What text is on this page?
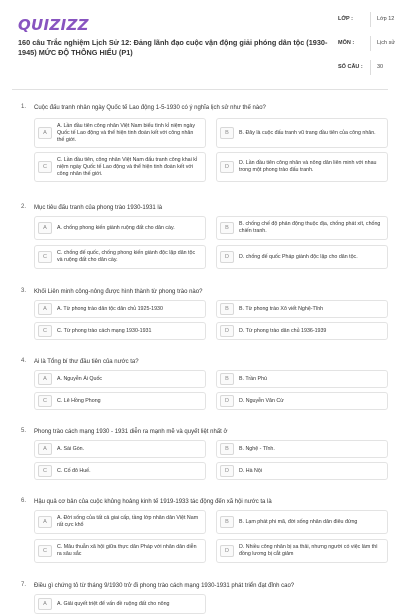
QUIZIZZ
160 câu Trắc nghiệm Lịch Sử 12: Đảng lãnh đạo cuộc vận động giải phóng dân tộc (1930-1945) MỨC ĐỘ THÔNG HIỂU (P1)
LỚP :	Lớp 12
MÔN :	Lịch sử
SỐ CÂU :	30
1. Cuộc đấu tranh nhân ngày Quốc tế Lao động 1-5-1930 có ý nghĩa lịch sử như thế nào?
A
A. Lần đầu tiên công nhân Việt Nam biểu tình kỉ niệm ngày Quốc tế Lao động và thể hiện tinh đoàn kết với công nhân thế giới.
B	B. Đây là cuộc đấu tranh vũ trang đầu tiên của công nhân.
C
C. Lần đầu tiên, công nhân Việt Nam đấu tranh công khai kỉ niệm ngày Quốc tế Lao động và thể hiện tinh đoàn kết với công nhân thế giới.
D
D. Lần đầu tiên công nhân và nông dân liên minh với nhau trong một phong trào đấu tranh.
2. Mục tiêu đấu tranh của phong trào 1930-1931 là
A	A. chống phong kiến giành ruộng đất cho dân cày.	B
B. chống chế độ phản động thuộc địa, chống phát xít, chống chiến tranh.
C
C. chống đế quốc, chống phong kiến giành độc lập dân tộc và ruộng đất cho dân cày.	D	D. chống đế quốc Pháp giành độc lập cho dân tộc.
3. Khối Liên minh công-nông được hình thành từ phong trào nào?
A	A. Từ phong trào dân tộc dân chủ 1925-1930	B	B. Từ phong trào Xô viết Nghệ-Tĩnh
C	C. Từ phong trào cách mạng 1930-1931	D	D. Từ phong trào dân chủ 1936-1939
4. Ai là Tổng bí thư đầu tiên của nước ta?
A	A. Nguyễn Ái Quốc	B	B. Trần Phú
C	C. Lê Hồng Phong	D	D. Nguyễn Văn Cừ
5. Phong trào cách mạng 1930 - 1931 diễn ra mạnh mẽ và quyết liệt nhất ở
A	A. Sài Gòn.	B	B. Nghệ - Tĩnh.
C	C. Cố đô Huế.	D	D. Hà Nội
6. Hậu quả cơ bản của cuộc khủng hoảng kinh tế 1919-1933 tác động đến xã hội nước ta là
A
A. Đời sống của tất cả giai cấp, tầng lớp nhân dân Việt Nam rất cực khổ	B	B. Lạm phát phi mã, đời sống nhân dân điêu đứng
C
C. Mâu thuẫn xã hội giữa thực dân Pháp với nhân dân diễn ra sâu sắc	D
D. Nhiều công nhân bị sa thải, nhưng người có việc làm thì đồng lương bị cắt giảm
7. Điều gì chứng tỏ từ tháng 9/1930 trở đi phong trào cách mạng 1930-1931 phát triển đạt đỉnh cao?
A	A. Giải quyết triệt để vấn đề ruộng đất cho nông
